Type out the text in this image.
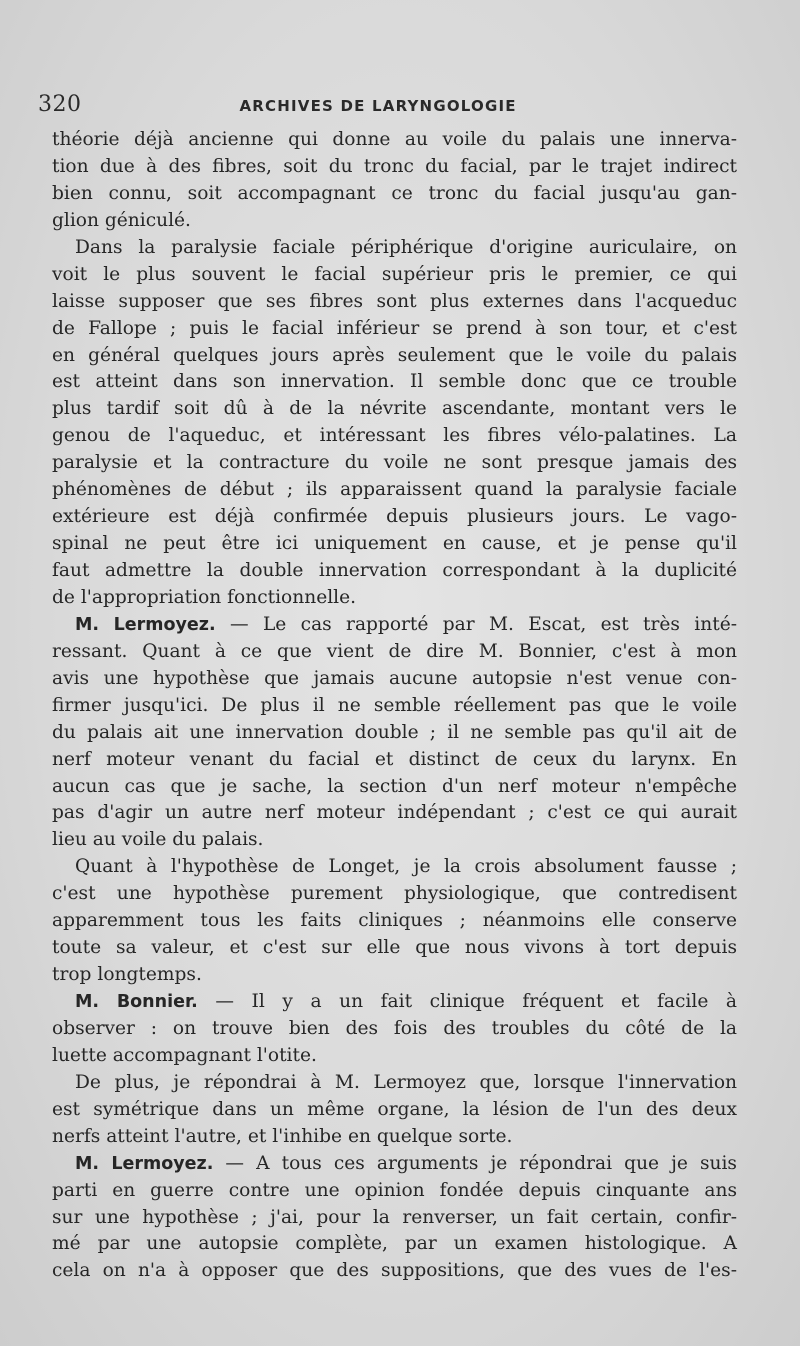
320	ARCHIVES DE LARYNGOLOGIE
théorie déjà ancienne qui donne au voile du palais une innerva-
tion due à des fibres, soit du tronc du facial, par le trajet indirect
bien connu, soit accompagnant ce tronc du facial jusqu'au gan-
glion géniculé.
Dans la paralysie faciale périphérique d'origine auriculaire, on
voit le plus souvent le facial supérieur pris le premier, ce qui
laisse supposer que ses fibres sont plus externes dans l'acqueduc
de Fallope ; puis le facial inférieur se prend à son tour, et c'est
en général quelques jours après seulement que le voile du palais
est atteint dans son innervation. Il semble donc que ce trouble
plus tardif soit dû à de la névrite ascendante, montant vers le
genou de l'aqueduc, et intéressant les fibres vélo-palatines. La
paralysie et la contracture du voile ne sont presque jamais des
phénomènes de début ; ils apparaissent quand la paralysie faciale
extérieure est déjà confirmée depuis plusieurs jours. Le vago-
spinal ne peut être ici uniquement en cause, et je pense qu'il
faut admettre la double innervation correspondant à la duplicité
de l'appropriation fonctionnelle.
M. Lermoyez. — Le cas rapporté par M. Escat, est très inté-
ressant. Quant à ce que vient de dire M. Bonnier, c'est à mon
avis une hypothèse que jamais aucune autopsie n'est venue con-
firmer jusqu'ici. De plus il ne semble réellement pas que le voile
du palais ait une innervation double ; il ne semble pas qu'il ait de
nerf moteur venant du facial et distinct de ceux du larynx. En
aucun cas que je sache, la section d'un nerf moteur n'empêche
pas d'agir un autre nerf moteur indépendant ; c'est ce qui aurait
lieu au voile du palais.
Quant à l'hypothèse de Longet, je la crois absolument fausse ;
c'est une hypothèse purement physiologique, que contredisent
apparemment tous les faits cliniques ; néanmoins elle conserve
toute sa valeur, et c'est sur elle que nous vivons à tort depuis
trop longtemps.
M. Bonnier. — Il y a un fait clinique fréquent et facile à
observer : on trouve bien des fois des troubles du côté de la
luette accompagnant l'otite.
De plus, je répondrai à M. Lermoyez que, lorsque l'innervation
est symétrique dans un même organe, la lésion de l'un des deux
nerfs atteint l'autre, et l'inhibe en quelque sorte.
M. Lermoyez. — A tous ces arguments je répondrai que je suis
parti en guerre contre une opinion fondée depuis cinquante ans
sur une hypothèse ; j'ai, pour la renverser, un fait certain, confir-
mé par une autopsie complète, par un examen histologique. A
cela on n'a à opposer que des suppositions, que des vues de l'es-
